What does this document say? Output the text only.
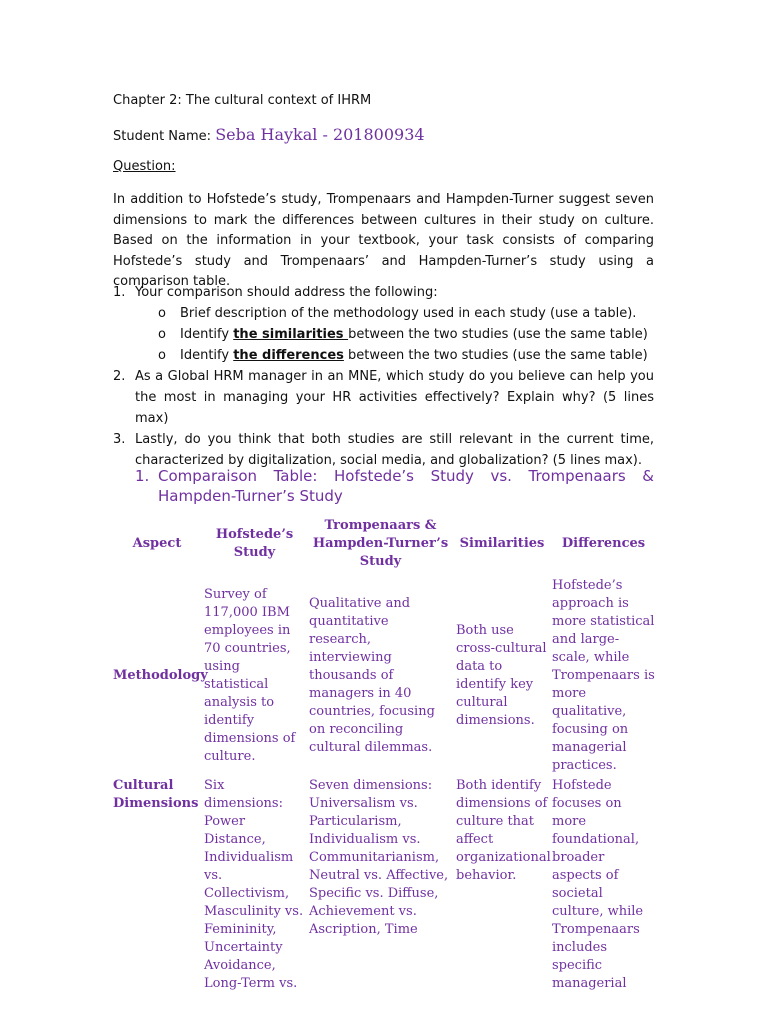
Chapter 2: The cultural context of IHRM
Student Name: Seba Haykal - 201800934
Question:
In addition to Hofstede’s study, Trompenaars and Hampden-Turner suggest seven dimensions to mark the differences between cultures in their study on culture. Based on the information in your textbook, your task consists of comparing Hofstede’s study and Trompenaars’ and Hampden-Turner’s study using a comparison table.
1. Your comparison should address the following:
o	Brief description of the methodology used in each study (use a table).
o	Identify the similarities between the two studies (use the same table)
o	Identify the differences between the two studies (use the same table)
2. As a Global HRM manager in an MNE, which study do you believe can help you the most in managing your HR activities effectively? Explain why? (5 lines max)
3. Lastly, do you think that both studies are still relevant in the current time, characterized by digitalization, social media, and globalization? (5 lines max).
1. Comparaison Table: Hofstede’s Study vs. Trompenaars & Hampden-Turner’s Study
Aspect	Hofstede’s Study	Trompenaars & Hampden-Turner’s Study	Similarities	Differences
Methodology	Survey of 117,000 IBM employees in 70 countries, using statistical analysis to identify dimensions of culture.	Qualitative and quantitative research, interviewing thousands of managers in 40 countries, focusing on reconciling cultural dilemmas.	Both use cross-cultural data to identify key cultural dimensions.	Hofstede’s approach is more statistical and large-scale, while Trompenaars is more qualitative, focusing on managerial practices.
Cultural Dimensions	Six dimensions: Power Distance, Individualism vs. Collectivism, Masculinity vs. Femininity, Uncertainty Avoidance, Long-Term vs.	Seven dimensions: Universalism vs. Particularism, Individualism vs. Communitarianism, Neutral vs. Affective, Specific vs. Diffuse, Achievement vs. Ascription, Time	Both identify dimensions of culture that affect organizational behavior.	Hofstede focuses on more foundational, broader aspects of societal culture, while Trompenaars includes specific managerial
